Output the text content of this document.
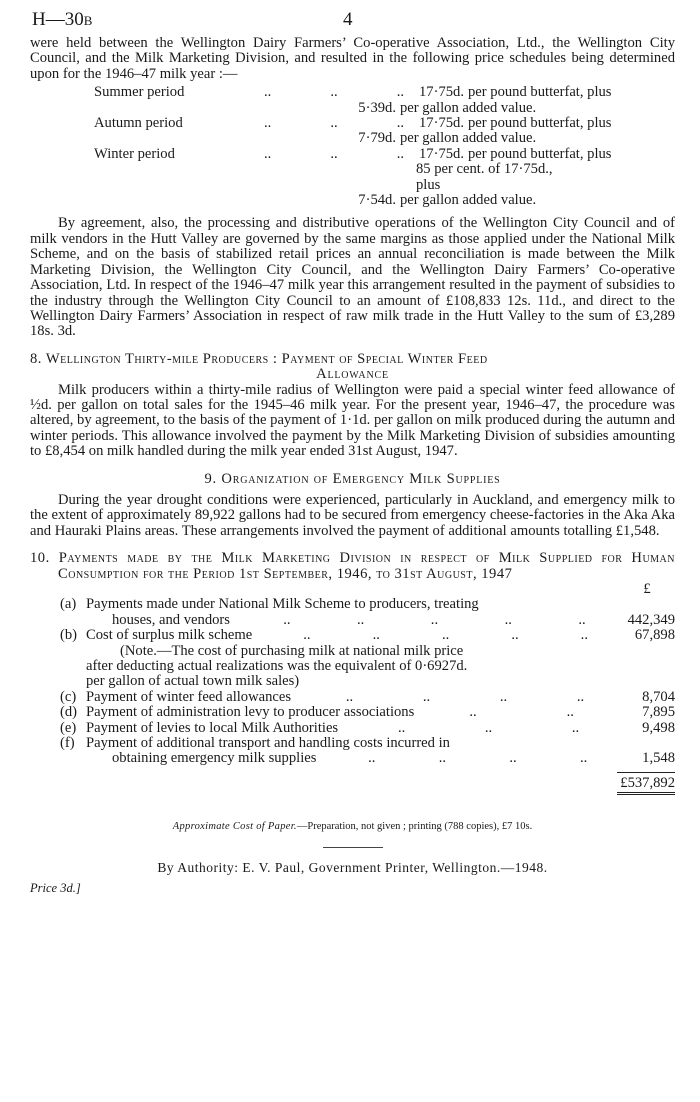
H—30B	4

were held between the Wellington Dairy Farmers’ Co-operative Association, Ltd., the Wellington City Council, and the Milk Marketing Division, and resulted in the following price schedules being determined upon for the 1946–47 milk year :—

Summer period	..	..	..	17·75d. per pound butterfat, plus
5·39d. per gallon added value.
Autumn period	..	..	..	17·75d. per pound butterfat, plus
7·79d. per gallon added value.
Winter period	..	..	..	17·75d. per pound butterfat, plus
85 per cent. of 17·75d.,
plus
7·54d. per gallon added value.

By agreement, also, the processing and distributive operations of the Wellington City Council and of milk vendors in the Hutt Valley are governed by the same margins as those applied under the National Milk Scheme, and on the basis of stabilized retail prices an annual reconciliation is made between the Milk Marketing Division, the Wellington City Council, and the Wellington Dairy Farmers’ Co-operative Association, Ltd. In respect of the 1946–47 milk year this arrangement resulted in the payment of subsidies to the industry through the Wellington City Council to an amount of £108,833 12s. 11d., and direct to the Wellington Dairy Farmers’ Association in respect of raw milk trade in the Hutt Valley to the sum of £3,289 18s. 3d.

8. Wellington Thirty-mile Producers : Payment of Special Winter Feed

Allowance

Milk producers within a thirty-mile radius of Wellington were paid a special winter feed allowance of ½d. per gallon on total sales for the 1945–46 milk year. For the present year, 1946–47, the procedure was altered, by agreement, to the basis of the payment of 1·1d. per gallon on milk produced during the autumn and winter periods. This allowance involved the payment by the Milk Marketing Division of subsidies amounting to £8,454 on milk handled during the milk year ended 31st August, 1947.

9. Organization of Emergency Milk Supplies

During the year drought conditions were experienced, particularly in Auckland, and emergency milk to the extent of approximately 89,922 gallons had to be secured from emergency cheese-factories in the Aka Aka and Hauraki Plains areas. These arrangements involved the payment of additional amounts totalling £1,548.

10. Payments made by the Milk Marketing Division in respect of Milk Supplied for Human Consumption for the Period 1st September, 1946, to 31st August, 1947

£
(a) Payments made under National Milk Scheme to producers, treating
houses, and vendors	..	..	..	..	..	442,349
(b) Cost of surplus milk scheme	..	..	..	..	..	67,898

(Note.—The cost of purchasing milk at national milk price

after deducting actual realizations was the equivalent of 0·6927d.

per gallon of actual town milk sales)

(c) Payment of winter feed allowances	..	..	..	..	8,704
(d) Payment of administration levy to producer associations	..	..	7,895
(e) Payment of levies to local Milk Authorities	..	..	..	9,498
(f) Payment of additional transport and handling costs incurred in
obtaining emergency milk supplies	..	..	..	..	1,548
£537,892
Approximate Cost of Paper.—Preparation, not given ; printing (788 copies), £7 10s.
By Authority: E. V. Paul, Government Printer, Wellington.—1948.
Price 3d.]
